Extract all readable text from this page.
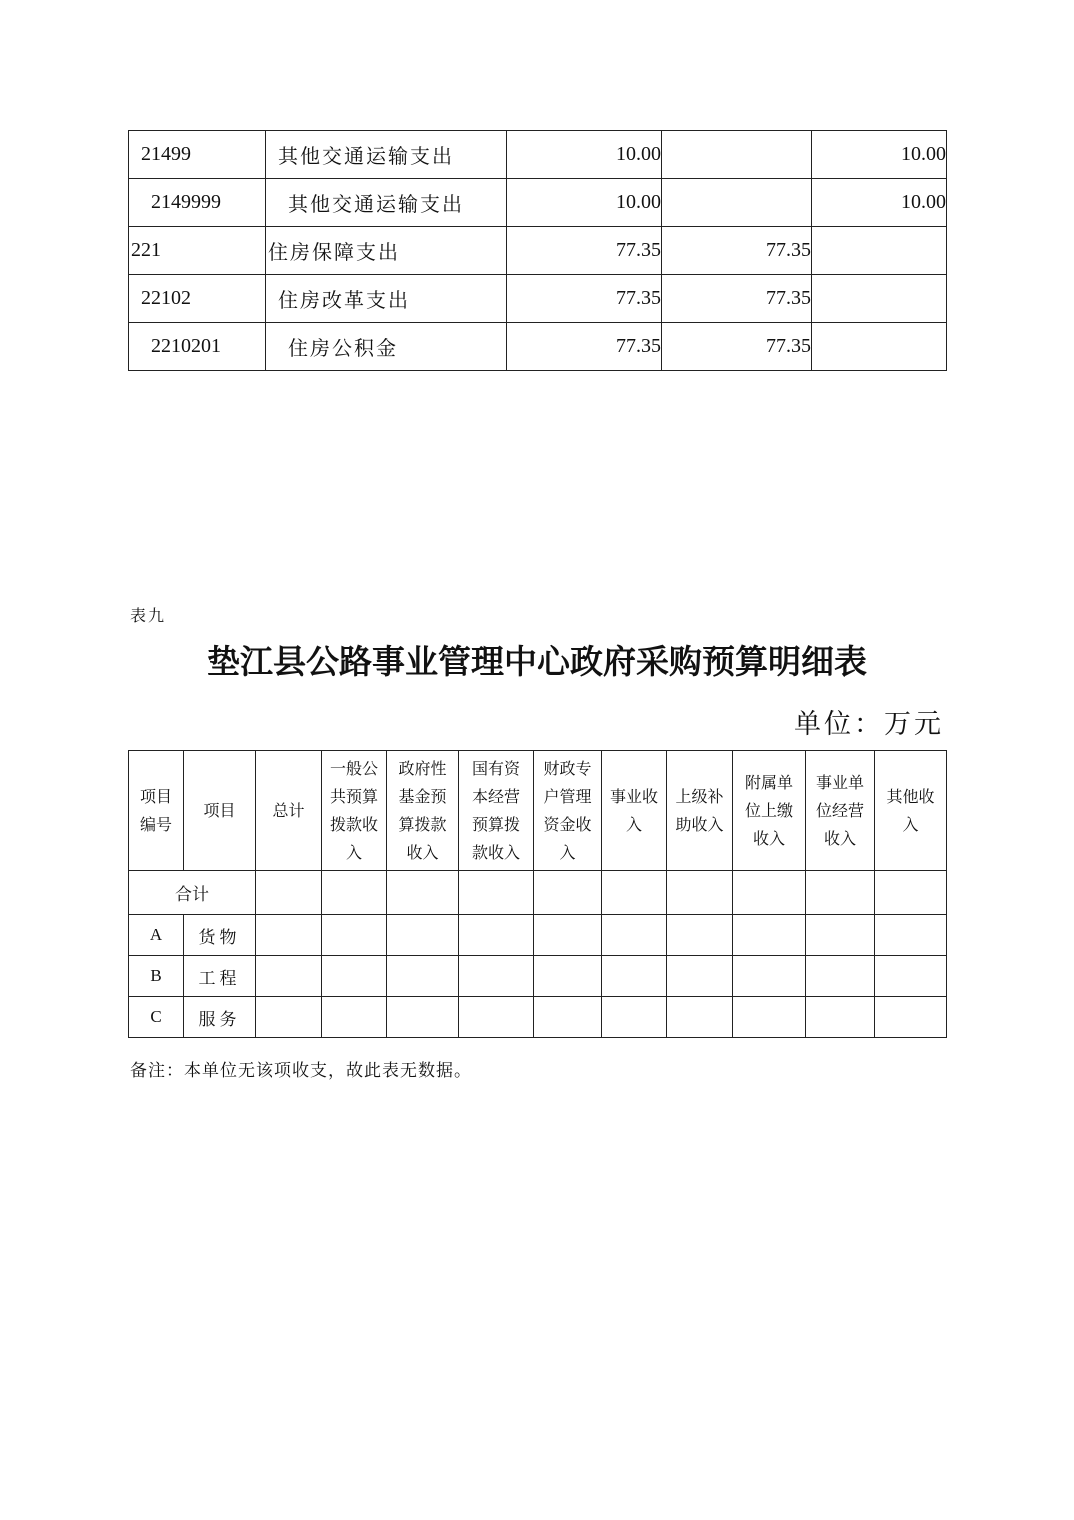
21499	其他交通运输支出	10.00		10.00
2149999	其他交通运输支出	10.00		10.00
221	住房保障支出	77.35	77.35	
22102	住房改革支出	77.35	77.35	
2210201	住房公积金	77.35	77.35	
表九
垫江县公路事业管理中心政府采购预算明细表
单位：万元
项目编号	项目	总计	一般公共预算拨款收入	政府性基金预算拨款收入	国有资本经营预算拨款收入	财政专户管理资金收入	事业收入	上级补助收入	附属单位上缴收入	事业单位经营收入	其他收入
合计											
A	货物										
B	工程										
C	服务										
备注：本单位无该项收支，故此表无数据。
